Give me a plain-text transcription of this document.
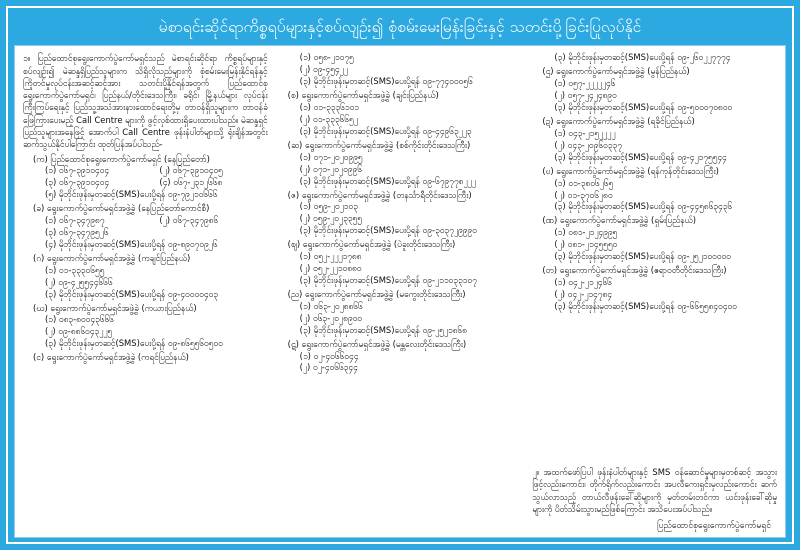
မဲစာရင်းဆိုင်ရာကိစ္စရပ်များနှင့်စပ်လျဉ်း၍ စုံစမ်းမေးမြန်းခြင်းနှင့် သတင်းပို့ခြင်းပြုလုပ်နိုင်
၁။ ပြည်ထောင်စုရွေးကောက်ပွဲကော်မရှင်သည် မဲစာရင်းဆိုင်ရာ ကိစ္စရပ်များနှင့်စပ်လျဉ်း၍ မဲဆန္ဒရှိပြည်သူများက သိရှိလိုသည်များကို စုံစမ်းမေးမြန်းနိုင်ရန်နှင့် ကြိုတင်မှုလုပ်ငန်းအဆင့်ဆင့်အား သတင်းပို့နိုင်ရန်အတွက် ပြည်ထောင်စုရွေးကောက်ပွဲကော်မရှင်၊ ပြည်နယ်/တိုင်းဒေသကြီး၊ ခရိုင်၊ မြို့နယ်များ လုပ်ငန်းကြီးကြပ်ရေးနှင့် ပြည်သူ့အသံအားနားထောင်ရေးတို့မှ တာဝန်ရှိသူများက တာဝန်ခံ ဖြေကြားပေးမည့် Call Centre များကို ဖွင့်လှစ်ထားရှိပေးထားပါသည်။ မဲဆန္ဒရှင်ပြည်သူများအနေဖြင့် အောက်ပါ Call Centre ဖုန်းနံပါတ်များသို့ ရုံးချိန်အတွင်း ဆက်သွယ်နိုင်ပါကြောင်း ထုတ်ပြန်အပ်ပါသည်-
(က) ပြည်ထောင်စုရွေးကောက်ပွဲကော်မရှင် (နေပြည်တော်)
(၁) ၀၆၇-၃၉၁၀၄၀၄	(၂) ၀၆၇-၃၉၁၀၄၀၅
(၃) ၀၆၇-၃၉၁၀၄၀၄	(၄) ၀၆၇-၂၃၁၂၆၆၈
(၅) မိုဘိုင်းဖုန်းမှတဆင့်(SMS)ပေးပို့ရန် ၀၉-၇၉၂၁၀၆၆၆
(ခ) ရွေးကောက်ပွဲကော်မရှင်အဖွဲ့ခွဲ (နေပြည်တော်ကောင်စီ)
(၁) ၀၆၇-၃၄၇၉၈၇	(၂) ၀၆၇-၃၄၇၉၈၆
(၃) ၀၆၇-၃၄၇၉၅၂၆
(၄) မိုဘိုင်းဖုန်းမှတဆင့်(SMS)ပေးပို့ရန် ၀၉-၈၉၀၇၀၉၂၆
(ဂ) ရွေးကောက်ပွဲကော်မရှင်အဖွဲ့ခွဲ (ကချင်ပြည်နယ်)
(၁) ၀၁-၃၃၃၀၆၅၅
(၂) ၀၉-၄၂၅၅၄၄၆၆၆
(၃) မိုဘိုင်းဖုန်းမှတဆင့်(SMS)ပေးပို့ရန် ၀၉-၄၀၀၀၀၄၀၃
(ဃ) ရွေးကောက်ပွဲကော်မရှင်အဖွဲ့ခွဲ (ကယားပြည်နယ်)
(၁) ၀၈၃-၈၀၀၄၃၆၆၆
(၂) ၀၉-၈၈၆၀၄၃၂၂၅
(၃) မိုဘိုင်းဖုန်းမှတဆင့်(SMS)ပေးပို့ရန် ၀၉-၈၆၅၅၆၀၅၀၀
(င) ရွေးကောက်ပွဲကော်မရှင်အဖွဲ့ခွဲ (ကရင်ပြည်နယ်)
(၁) ၀၅၈-၂၁၀၇၅
(၂) ၀၉-၄၅၄၂၂
(၃) မိုဘိုင်းဖုန်းမှတဆင့်(SMS)ပေးပို့ရန် ၀၉-၇၇၄၀၀၀၅၆
(စ) ရွေးကောက်ပွဲကော်မရှင်အဖွဲ့ခွဲ (ချင်းပြည်နယ်)
(၁) ၀၁-၃၃၃၆၁၀၁
(၂) ၀၁-၃၃၃၆၆၅၂
(၃) မိုဘိုင်းဖုန်းမှတဆင့်(SMS)ပေးပို့ရန် ၀၉-၄၄၉၆၃၂၂၃
(ဆ) ရွေးကောက်ပွဲကော်မရှင်အဖွဲ့ခွဲ (စစ်ကိုင်းတိုင်းဒေသကြီး)
(၁) ၀၇၁-၂၀၂၀၉၉၅
(၂) ၀၇၁-၂၀၂၀၉၉၆
(၃) မိုဘိုင်းဖုန်းမှတဆင့်(SMS)ပေးပို့ရန် ၀၉-၆၇၉၇၇၈၂၂၂
(ဇ) ရွေးကောက်ပွဲကော်မရှင်အဖွဲ့ခွဲ (တနင်္သာရီတိုင်းဒေသကြီး)
(၁) ၀၅၉-၂၀၂၁၀၃
(၂) ၀၅၉-၂၀၂၃၃၅၅
(၃) မိုဘိုင်းဖုန်းမှတဆင့်(SMS)ပေးပို့ရန် ၀၉-၃၀၃၇၂၉၉၉၀
(ဈ) ရွေးကောက်ပွဲကော်မရှင်အဖွဲ့ခွဲ (ပဲခူးတိုင်းဒေသကြီး)
(၁) ၀၅၂-၂၂၂၁၇၈၈
(၂) ၀၅၂-၂၂၁၀၈၈၀
(၃) မိုဘိုင်းဖုန်းမှတဆင့်(SMS)ပေးပို့ရန် ၀၉-၂၁၁၀၃၃၁၀၇
(ည) ရွေးကောက်ပွဲကော်မရှင်အဖွဲ့ခွဲ (မကွေးတိုင်းဒေသကြီး)
(၁) ၀၆၃-၂၀၂၈၈၆၆
(၂) ၀၆၃-၂၀၂၈၉၀၀
(၃) မိုဘိုင်းဖုန်းမှတဆင့်(SMS)ပေးပို့ရန် ၀၉-၂၅၂၁၈၆၈
(ဋ) ရွေးကောက်ပွဲကော်မရှင်အဖွဲ့ခွဲ (မန္တလေးတိုင်းဒေသကြီး)
(၁) ၀၂-၄၀၆၆၀၄၄
(၂) ၀၂-၄၀၆၆၃၄၄
(၃) မိုဘိုင်းဖုန်းမှတဆင့်(SMS)ပေးပို့ရန် ၀၉-၂၆၀၂၂၇၇၇၄
(ဌ) ရွေးကောက်ပွဲကော်မရှင်အဖွဲ့ခွဲ (မွန်ပြည်နယ်)
(၁) ၀၅၇-၂၂၂၂၂၄၆
(၂) ၀၅၇-၂၄၂၄၈၉၀
(၃) မိုဘိုင်းဖုန်းမှတဆင့်(SMS)ပေးပို့ရန် ၀၉-၅၀၀၀၇၀၈၀၀
(ဍ) ရွေးကောက်ပွဲကော်မရှင်အဖွဲ့ခွဲ (ရခိုင်ပြည်နယ်)
(၁) ၀၄၃-၂၁၅၂၂၂၂
(၂) ၀၄၃-၂၀၉၆၀၃၃၇
(၃) မိုဘိုင်းဖုန်းမှတဆင့်(SMS)ပေးပို့ရန် ၀၉-၄၂၁၇၅၅၄၄
(ဎ) ရွေးကောက်ပွဲကော်မရှင်အဖွဲ့ခွဲ (ရန်ကုန်တိုင်းဒေသကြီး)
(၁) ၀၁-၃၈၀၆၂၆၅
(၂) ၀၁-၃၇၀၆၂၈၀
(၃) မိုဘိုင်းဖုန်းမှတဆင့်(SMS)ပေးပို့ရန် ၀၉-၄၄၅၈၆၃၄၃၆
(ဏ) ရွေးကောက်ပွဲကော်မရှင်အဖွဲ့ခွဲ (ရှမ်းပြည်နယ်)
(၁) ၀၈၁-၂၁၂၄၉၉၅
(၂) ၀၈၁-၂၁၄၅၅၅၀
(၃) မိုဘိုင်းဖုန်းမှတဆင့်(SMS)ပေးပို့ရန် ၀၉-၂၅၂၁၀၀၀၀၀
(တ) ရွေးကောက်ပွဲကော်မရှင်အဖွဲ့ခွဲ (ဧရာဝတီတိုင်းဒေသကြီး)
(၁) ၀၄၂-၂၁၂၄၆၆
(၂) ၀၄၂-၂၁၄၇၈၄
(၃) မိုဘိုင်းဖုန်းမှတဆင့်(SMS)ပေးပို့ရန် ၀၉-၆၆၅၅၈၄၀၄၀၀
၂။ အထက်ဖော်ပြပါ ဖုန်းနံပါတ်များနှင့် SMS ဝန်ဆောင်မှုများမှတစ်ဆင့် အသွားဖြင့်လည်းကောင်း၊ တိုက်ရိုက်လည်းကောင်း အပလီကေးရှင်းမှလည်းကောင်း ဆက်သွယ်လာသည့် တာယ်လီဖုန်းခေါ်ဆိုများကို မှတ်တမ်းတင်ကာ ယင်းဖုန်းခေါ်ဆိုမှုများကို ပိတ်သိမ်းသွားမည်ဖြစ်ကြောင်း အသိပေးအပ်ပါသည်။
ပြည်ထောင်စုရွေးကောက်ပွဲကော်မရှင်
